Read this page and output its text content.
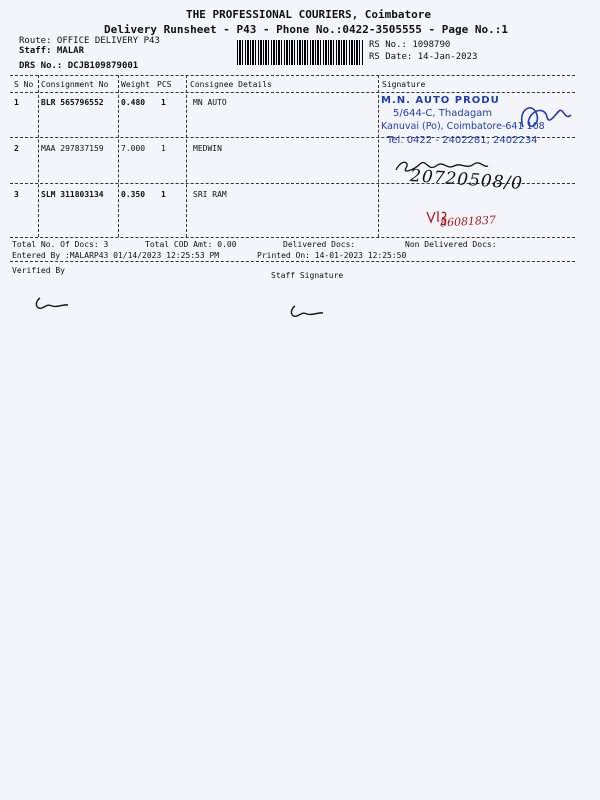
THE PROFESSIONAL COURIERS, Coimbatore
Delivery Runsheet - P43 - Phone No.:0422-3505555 - Page No.:1
Route: OFFICE DELIVERY P43
Staff: MALAR
DRS No.: DCJB109879001
RS No.: 1098790
RS Date: 14-Jan-2023
S No Consignment No Weight PCS Consignee Details	Signature
1	BLR 565796552 0.480 1	MN AUTO
2	MAA 297837159 7.000 1	MEDWIN
3	SLM 311803134 0.350 1	SRI RAM
M.N. AUTO PRODU
5/644-C, Thadagam
Kanuvai (Po), Coimbatore-641 108
Tel. 0422 - 2402281, 2402234
20720508/0
86081837
Total No. Of Docs: 3	Total COD Amt: 0.00	Delivered Docs:	Non Delivered Docs:
Entered By :MALARP43 01/14/2023 12:25:53 PM	Printed On: 14-01-2023 12:25:50
Verified By
Staff Signature
